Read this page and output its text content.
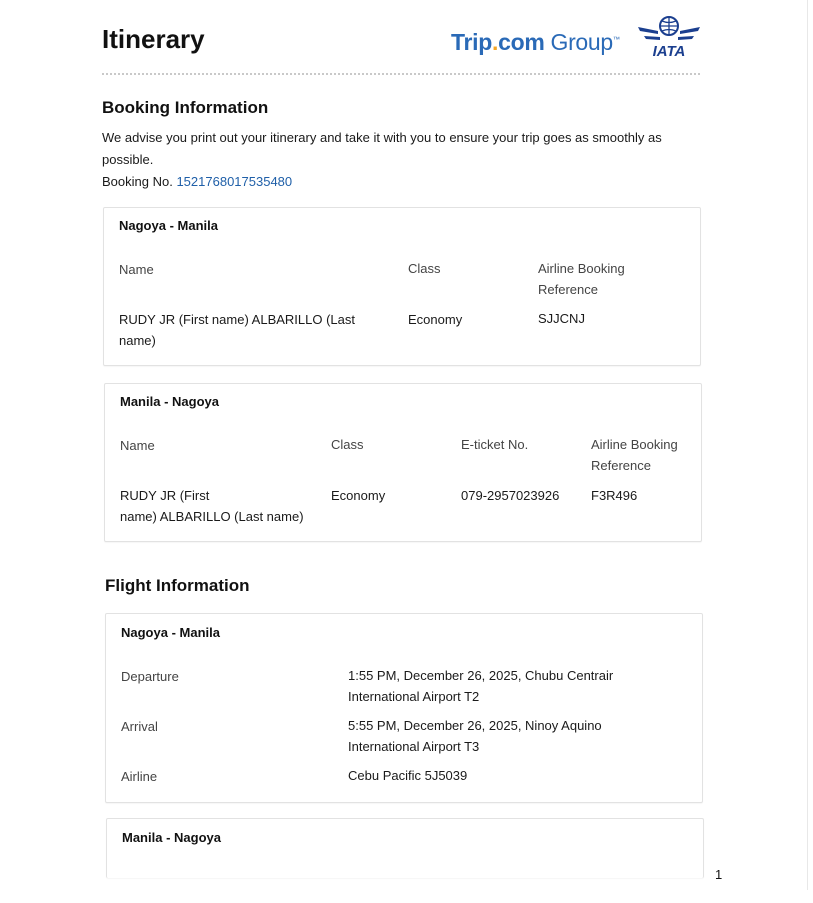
Itinerary	Trip.com Group™
IATA
Booking Information
We advise you print out your itinerary and take it with you to ensure your trip goes as smoothly as
possible.
Booking No. 1521768017535480
Nagoya - Manila
Name	Class	Airline Booking
Reference
RUDY JR (First name) ALBARILLO (Last
name)
Economy	SJJCNJ
Manila - Nagoya
Name	Class	E-ticket No.	Airline Booking
Reference
RUDY JR (First
name) ALBARILLO (Last name)
Economy	079-2957023926 F3R496
Flight Information
Nagoya - Manila
Departure	1:55 PM, December 26, 2025, Chubu Centrair
International Airport T2
Arrival	5:55 PM, December 26, 2025, Ninoy Aquino
International Airport T3
Airline	Cebu Pacific 5J5039
Manila - Nagoya
1
